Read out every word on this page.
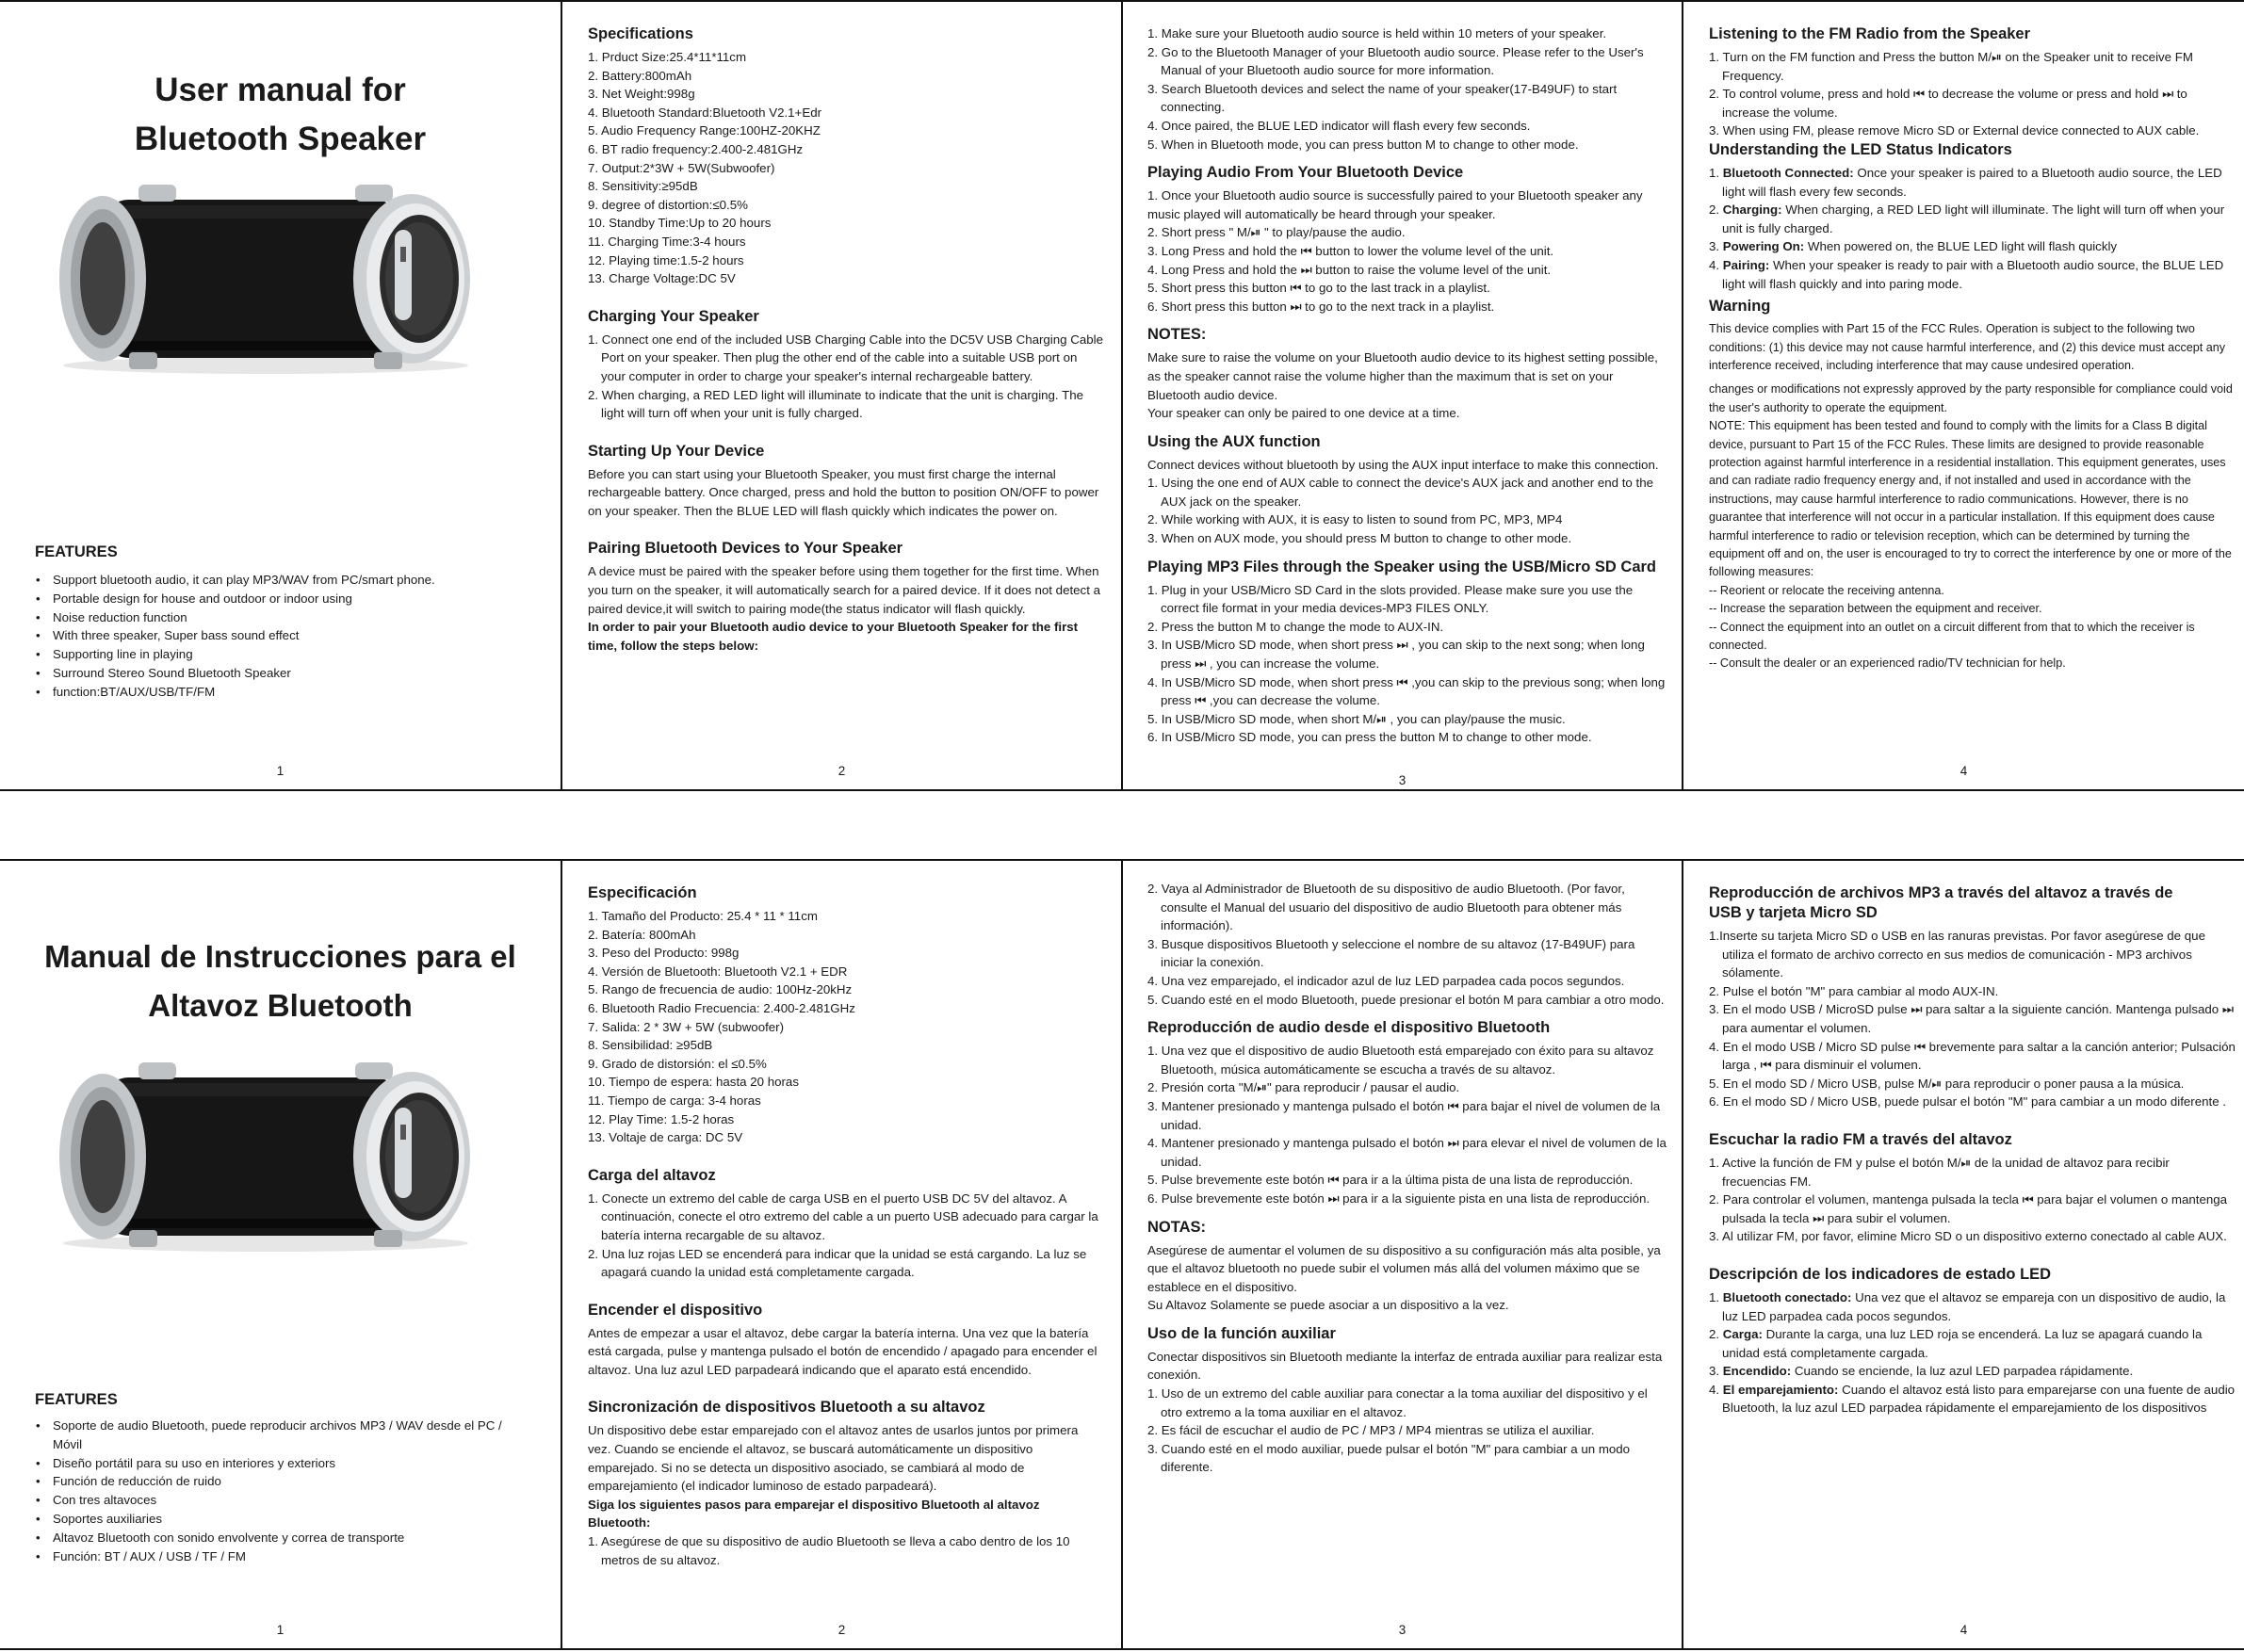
User manual for
Bluetooth Speaker
FEATURES
• Support bluetooth audio, it can play MP3/WAV from PC/smart phone.
• Portable design for house and outdoor or indoor using
• Noise reduction function
• With three speaker, Super bass sound effect
• Supporting line in playing
• Surround Stereo Sound Bluetooth Speaker
• function:BT/AUX/USB/TF/FM
1
Specifications

1. Prduct Size:25.4*11*11cm

2. Battery:800mAh

3. Net Weight:998g

4. Bluetooth Standard:Bluetooth V2.1+Edr

5. Audio Frequency Range:100HZ-20KHZ

6. BT radio frequency:2.400-2.481GHz

7. Output:2*3W + 5W(Subwoofer)

8. Sensitivity:≥95dB

9. degree of distortion:≤0.5%

10. Standby Time:Up to 20 hours

11. Charging Time:3-4 hours

12. Playing time:1.5-2 hours

13. Charge Voltage:DC 5V

Charging Your Speaker

1. Connect one end of the included USB Charging Cable into the DC5V USB Charging Cable Port on your speaker. Then plug the other end of the cable into a suitable USB port on your computer in order to charge your speaker's internal rechargeable battery.

2. When charging, a RED LED light will illuminate to indicate that the unit is charging. The light will turn off when your unit is fully charged.

Starting Up Your Device

Before you can start using your Bluetooth Speaker, you must first charge the internal rechargeable battery. Once charged, press and hold the button to position ON/OFF to power on your speaker. Then the BLUE LED will flash quickly which indicates the power on.

Pairing Bluetooth Devices to Your Speaker

A device must be paired with the speaker before using them together for the first time. When you turn on the speaker, it will automatically search for a paired device. If it does not detect a paired device,it will switch to pairing mode(the status indicator will flash quickly.

In order to pair your Bluetooth audio device to your Bluetooth Speaker for the first time, follow the steps below:

2

1. Make sure your Bluetooth audio source is held within 10 meters of your speaker.

2. Go to the Bluetooth Manager of your Bluetooth audio source. Please refer to the User's Manual of your Bluetooth audio source for more information.

3. Search Bluetooth devices and select the name of your speaker(17-B49UF) to start connecting.

4. Once paired, the BLUE LED indicator will flash every few seconds.

5. When in Bluetooth mode, you can press button M to change to other mode.

Playing Audio From Your Bluetooth Device

1. Once your Bluetooth audio source is successfully paired to your Bluetooth speaker any music played will automatically be heard through your speaker.

2. Short press " M/⏯ " to play/pause the audio.

3. Long Press and hold the ⏮ button to lower the volume level of the unit.

4. Long Press and hold the ⏭ button to raise the volume level of the unit.

5. Short press this button ⏮ to go to the last track in a playlist.

6. Short press this button ⏭ to go to the next track in a playlist.

NOTES:

Make sure to raise the volume on your Bluetooth audio device to its highest setting possible, as the speaker cannot raise the volume higher than the maximum that is set on your Bluetooth audio device.

Your speaker can only be paired to one device at a time.

Using the AUX function

Connect devices without bluetooth by using the AUX input interface to make this connection.

1. Using the one end of AUX cable to connect the device's AUX jack and another end to the AUX jack on the speaker.

2. While working with AUX, it is easy to listen to sound from PC, MP3, MP4

3. When on AUX mode, you should press M button to change to other mode.

Playing MP3 Files through the Speaker using the USB/Micro SD Card

1. Plug in your USB/Micro SD Card in the slots provided. Please make sure you use the correct file format in your media devices-MP3 FILES ONLY.

2. Press the button M to change the mode to AUX-IN.

3. In USB/Micro SD mode, when short press ⏭ , you can skip to the next song; when long press ⏭ , you can increase the volume.

4. In USB/Micro SD mode, when short press ⏮ ,you can skip to the previous song; when long press ⏮ ,you can decrease the volume.

5. In USB/Micro SD mode, when short M/⏯ , you can play/pause the music.

6. In USB/Micro SD mode, you can press the button M to change to other mode.

3
Listening to the FM Radio from the Speaker

1. Turn on the FM function and Press the button M/⏯ on the Speaker unit to receive FM Frequency.

2. To control volume, press and hold ⏮ to decrease the volume or press and hold ⏭ to increase the volume.

3. When using FM, please remove Micro SD or External device connected to AUX cable.

Understanding the LED Status Indicators

1. Bluetooth Connected: Once your speaker is paired to a Bluetooth audio source, the LED light will flash every few seconds.

2. Charging: When charging, a RED LED light will illuminate. The light will turn off when your unit is fully charged.

3. Powering On: When powered on, the BLUE LED light will flash quickly

4. Pairing: When your speaker is ready to pair with a Bluetooth audio source, the BLUE LED light will flash quickly and into paring mode.

Warning

This device complies with Part 15 of the FCC Rules. Operation is subject to the following two conditions: (1) this device may not cause harmful interference, and (2) this device must accept any interference received, including interference that may cause undesired operation.

changes or modifications not expressly approved by the party responsible for compliance could void the user's authority to operate the equipment.

NOTE: This equipment has been tested and found to comply with the limits for a Class B digital device, pursuant to Part 15 of the FCC Rules. These limits are designed to provide reasonable protection against harmful interference in a residential installation. This equipment generates, uses and can radiate radio frequency energy and, if not installed and used in accordance with the instructions, may cause harmful interference to radio communications. However, there is no guarantee that interference will not occur in a particular installation. If this equipment does cause harmful interference to radio or television reception, which can be determined by turning the equipment off and on, the user is encouraged to try to correct the interference by one or more of the following measures:

-- Reorient or relocate the receiving antenna.

-- Increase the separation between the equipment and receiver.

-- Connect the equipment into an outlet on a circuit different from that to which the receiver is connected.

-- Consult the dealer or an experienced radio/TV technician for help.

4
Manual de Instrucciones para el
Altavoz Bluetooth
FEATURES
• Soporte de audio Bluetooth, puede reproducir archivos MP3 / WAV desde el PC / Móvil
• Diseño portátil para su uso en interiores y exteriors
• Función de reducción de ruido
• Con tres altavoces
• Soportes auxiliaries
• Altavoz Bluetooth con sonido envolvente y correa de transporte
• Función: BT / AUX / USB / TF / FM
1
Especificación

1. Tamaño del Producto: 25.4 * 11 * 11cm

2. Batería: 800mAh

3. Peso del Producto: 998g

4. Versión de Bluetooth: Bluetooth V2.1 + EDR

5. Rango de frecuencia de audio: 100Hz-20kHz

6. Bluetooth Radio Frecuencia: 2.400-2.481GHz

7. Salida: 2 * 3W + 5W (subwoofer)

8. Sensibilidad: ≥95dB

9. Grado de distorsión: el ≤0.5%

10. Tiempo de espera: hasta 20 horas

11. Tiempo de carga: 3-4 horas

12. Play Time: 1.5-2 horas

13. Voltaje de carga: DC 5V

Carga del altavoz

1. Conecte un extremo del cable de carga USB en el puerto USB DC 5V del altavoz. A continuación, conecte el otro extremo del cable a un puerto USB adecuado para cargar la batería interna recargable de su altavoz.

2. Una luz rojas LED se encenderá para indicar que la unidad se está cargando. La luz se apagará cuando la unidad está completamente cargada.

Encender el dispositivo

Antes de empezar a usar el altavoz, debe cargar la batería interna. Una vez que la batería está cargada, pulse y mantenga pulsado el botón de encendido / apagado para encender el altavoz. Una luz azul LED parpadeará indicando que el aparato está encendido.

Sincronización de dispositivos Bluetooth a su altavoz

Un dispositivo debe estar emparejado con el altavoz antes de usarlos juntos por primera vez. Cuando se enciende el altavoz, se buscará automáticamente un dispositivo emparejado. Si no se detecta un dispositivo asociado, se cambiará al modo de emparejamiento (el indicador luminoso de estado parpadeará).

Siga los siguientes pasos para emparejar el dispositivo Bluetooth al altavoz Bluetooth:

1. Asegúrese de que su dispositivo de audio Bluetooth se lleva a cabo dentro de los 10 metros de su altavoz.

2

2. Vaya al Administrador de Bluetooth de su dispositivo de audio Bluetooth. (Por favor, consulte el Manual del usuario del dispositivo de audio Bluetooth para obtener más información).

3. Busque dispositivos Bluetooth y seleccione el nombre de su altavoz (17-B49UF) para iniciar la conexión.

4. Una vez emparejado, el indicador azul de luz LED parpadea cada pocos segundos.

5. Cuando esté en el modo Bluetooth, puede presionar el botón M para cambiar a otro modo.

Reproducción de audio desde el dispositivo Bluetooth

1. Una vez que el dispositivo de audio Bluetooth está emparejado con éxito para su altavoz Bluetooth, música automáticamente se escucha a través de su altavoz.

2. Presión corta "M/⏯" para reproducir / pausar el audio.

3. Mantener presionado y mantenga pulsado el botón ⏮ para bajar el nivel de volumen de la unidad.

4. Mantener presionado y mantenga pulsado el botón ⏭ para elevar el nivel de volumen de la unidad.

5. Pulse brevemente este botón ⏮ para ir a la última pista de una lista de reproducción.

6. Pulse brevemente este botón ⏭ para ir a la siguiente pista en una lista de reproducción.

NOTAS:

Asegúrese de aumentar el volumen de su dispositivo a su configuración más alta posible, ya que el altavoz bluetooth no puede subir el volumen más allá del volumen máximo que se establece en el dispositivo.

Su Altavoz Solamente se puede asociar a un dispositivo a la vez.

Uso de la función auxiliar

Conectar dispositivos sin Bluetooth mediante la interfaz de entrada auxiliar para realizar esta conexión.

1. Uso de un extremo del cable auxiliar para conectar a la toma auxiliar del dispositivo y el otro extremo a la toma auxiliar en el altavoz.

2. Es fácil de escuchar el audio de PC / MP3 / MP4 mientras se utiliza el auxiliar.

3. Cuando esté en el modo auxiliar, puede pulsar el botón "M" para cambiar a un modo diferente.

3
Reproducción de archivos MP3 a través del altavoz a través de
USB y tarjeta Micro SD

1.Inserte su tarjeta Micro SD o USB en las ranuras previstas. Por favor asegúrese de que utiliza el formato de archivo correcto en sus medios de comunicación - MP3 archivos sólamente.

2. Pulse el botón "M" para cambiar al modo AUX-IN.

3. En el modo USB / MicroSD pulse ⏭ para saltar a la siguiente canción. Mantenga pulsado ⏭ para aumentar el volumen.

4. En el modo USB / Micro SD pulse ⏮ brevemente para saltar a la canción anterior; Pulsación larga , ⏮ para disminuir el volumen.

5. En el modo SD / Micro USB, pulse M/⏯ para reproducir o poner pausa a la música.

6. En el modo SD / Micro USB, puede pulsar el botón "M" para cambiar a un modo diferente .

Escuchar la radio FM a través del altavoz

1. Active la función de FM y pulse el botón M/⏯ de la unidad de altavoz para recibir frecuencias FM.

2. Para controlar el volumen, mantenga pulsada la tecla ⏮ para bajar el volumen o mantenga pulsada la tecla ⏭ para subir el volumen.

3. Al utilizar FM, por favor, elimine Micro SD o un dispositivo externo conectado al cable AUX.

Descripción de los indicadores de estado LED

1. Bluetooth conectado: Una vez que el altavoz se empareja con un dispositivo de audio, la luz LED parpadea cada pocos segundos.

2. Carga: Durante la carga, una luz LED roja se encenderá. La luz se apagará cuando la unidad está completamente cargada.

3. Encendido: Cuando se enciende, la luz azul LED parpadea rápidamente.

4. El emparejamiento: Cuando el altavoz está listo para emparejarse con una fuente de audio Bluetooth, la luz azul LED parpadea rápidamente el emparejamiento de los dispositivos

4
